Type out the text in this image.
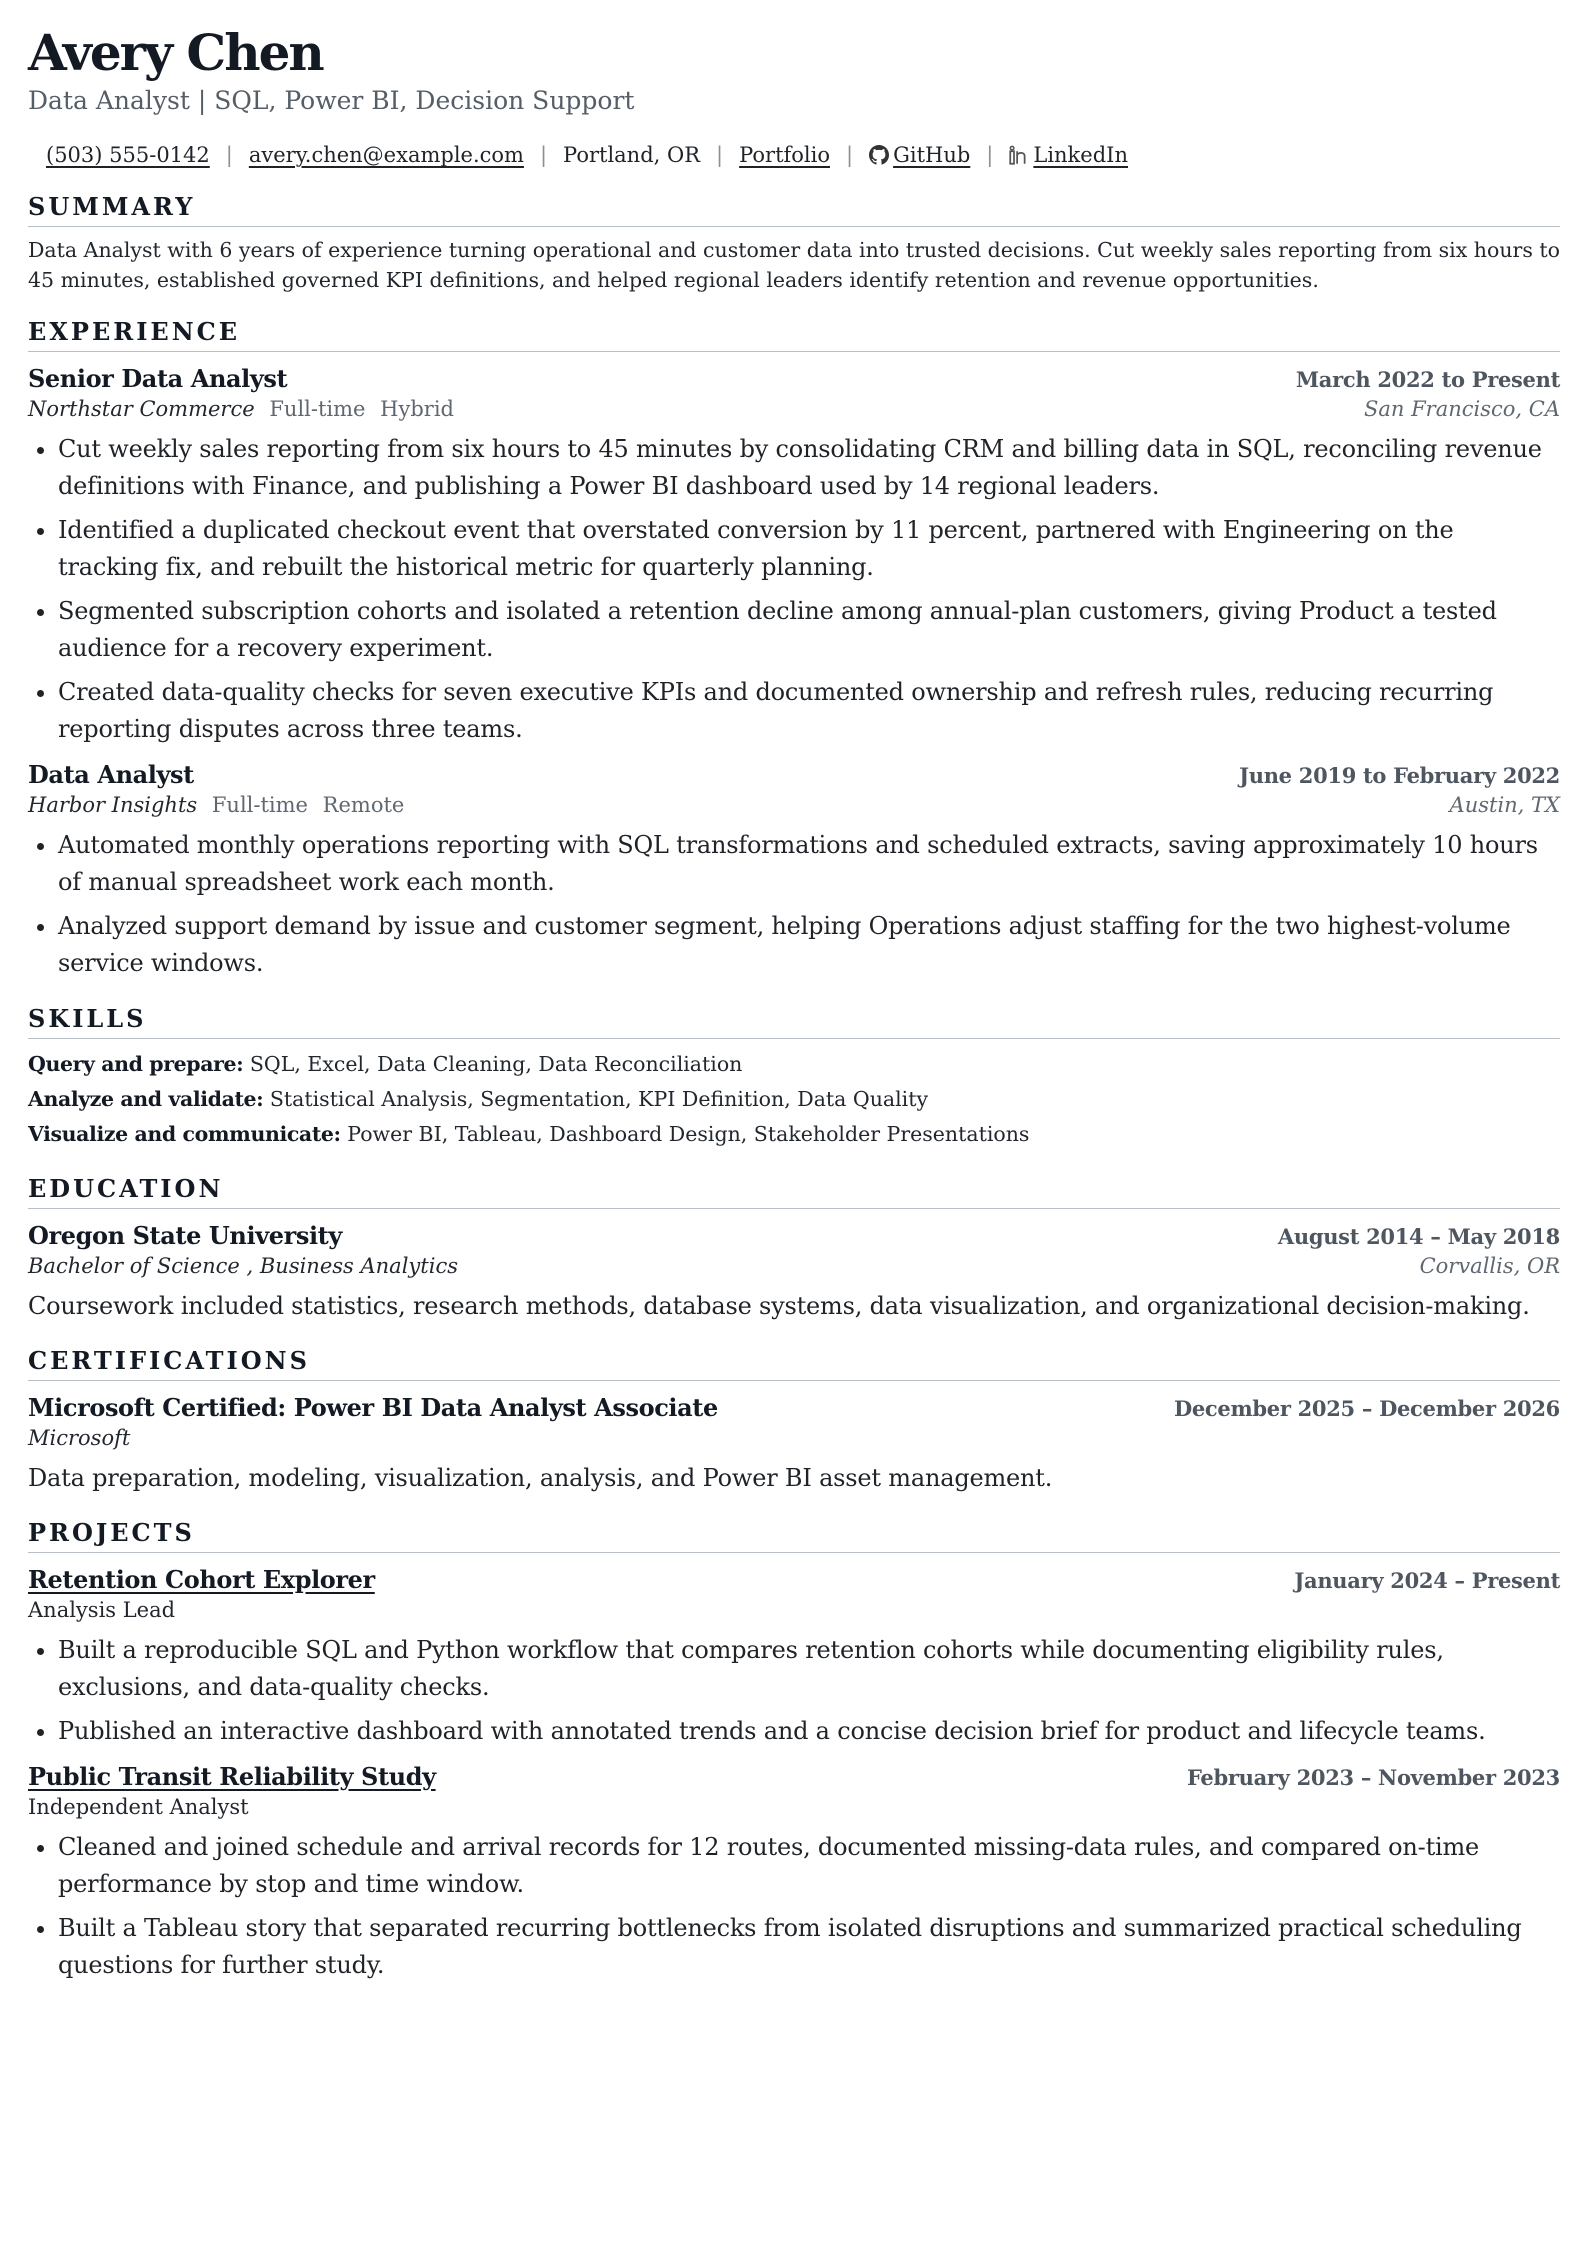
Avery Chen
Data Analyst | SQL, Power BI, Decision Support
(503) 555-0142 | avery.chen@example.com | Portland, OR | Portfolio | GitHub | LinkedIn
SUMMARY
Data Analyst with 6 years of experience turning operational and customer data into trusted decisions. Cut weekly sales reporting from six hours to 45 minutes, established governed KPI definitions, and helped regional leaders identify retention and revenue opportunities.
EXPERIENCE
Senior Data Analyst	March 2022 to Present
Northstar Commerce Full-time Hybrid	San Francisco, CA
• Cut weekly sales reporting from six hours to 45 minutes by consolidating CRM and billing data in SQL, reconciling revenue definitions with Finance, and publishing a Power BI dashboard used by 14 regional leaders.
• Identified a duplicated checkout event that overstated conversion by 11 percent, partnered with Engineering on the tracking fix, and rebuilt the historical metric for quarterly planning.
• Segmented subscription cohorts and isolated a retention decline among annual-plan customers, giving Product a tested audience for a recovery experiment.
• Created data-quality checks for seven executive KPIs and documented ownership and refresh rules, reducing recurring reporting disputes across three teams.
Data Analyst	June 2019 to February 2022
Harbor Insights Full-time Remote	Austin, TX
• Automated monthly operations reporting with SQL transformations and scheduled extracts, saving approximately 10 hours of manual spreadsheet work each month.
• Analyzed support demand by issue and customer segment, helping Operations adjust staffing for the two highest-volume service windows.
SKILLS
Query and prepare: SQL, Excel, Data Cleaning, Data Reconciliation
Analyze and validate: Statistical Analysis, Segmentation, KPI Definition, Data Quality
Visualize and communicate: Power BI, Tableau, Dashboard Design, Stakeholder Presentations
EDUCATION
Oregon State University	August 2014 – May 2018
Bachelor of Science , Business Analytics	Corvallis, OR
Coursework included statistics, research methods, database systems, data visualization, and organizational decision-making.
CERTIFICATIONS
Microsoft Certified: Power BI Data Analyst Associate	December 2025 – December 2026
Microsoft
Data preparation, modeling, visualization, analysis, and Power BI asset management.
PROJECTS
Retention Cohort Explorer	January 2024 – Present
Analysis Lead
• Built a reproducible SQL and Python workflow that compares retention cohorts while documenting eligibility rules, exclusions, and data-quality checks.
• Published an interactive dashboard with annotated trends and a concise decision brief for product and lifecycle teams.
Public Transit Reliability Study	February 2023 – November 2023
Independent Analyst
• Cleaned and joined schedule and arrival records for 12 routes, documented missing-data rules, and compared on-time performance by stop and time window.
• Built a Tableau story that separated recurring bottlenecks from isolated disruptions and summarized practical scheduling questions for further study.
